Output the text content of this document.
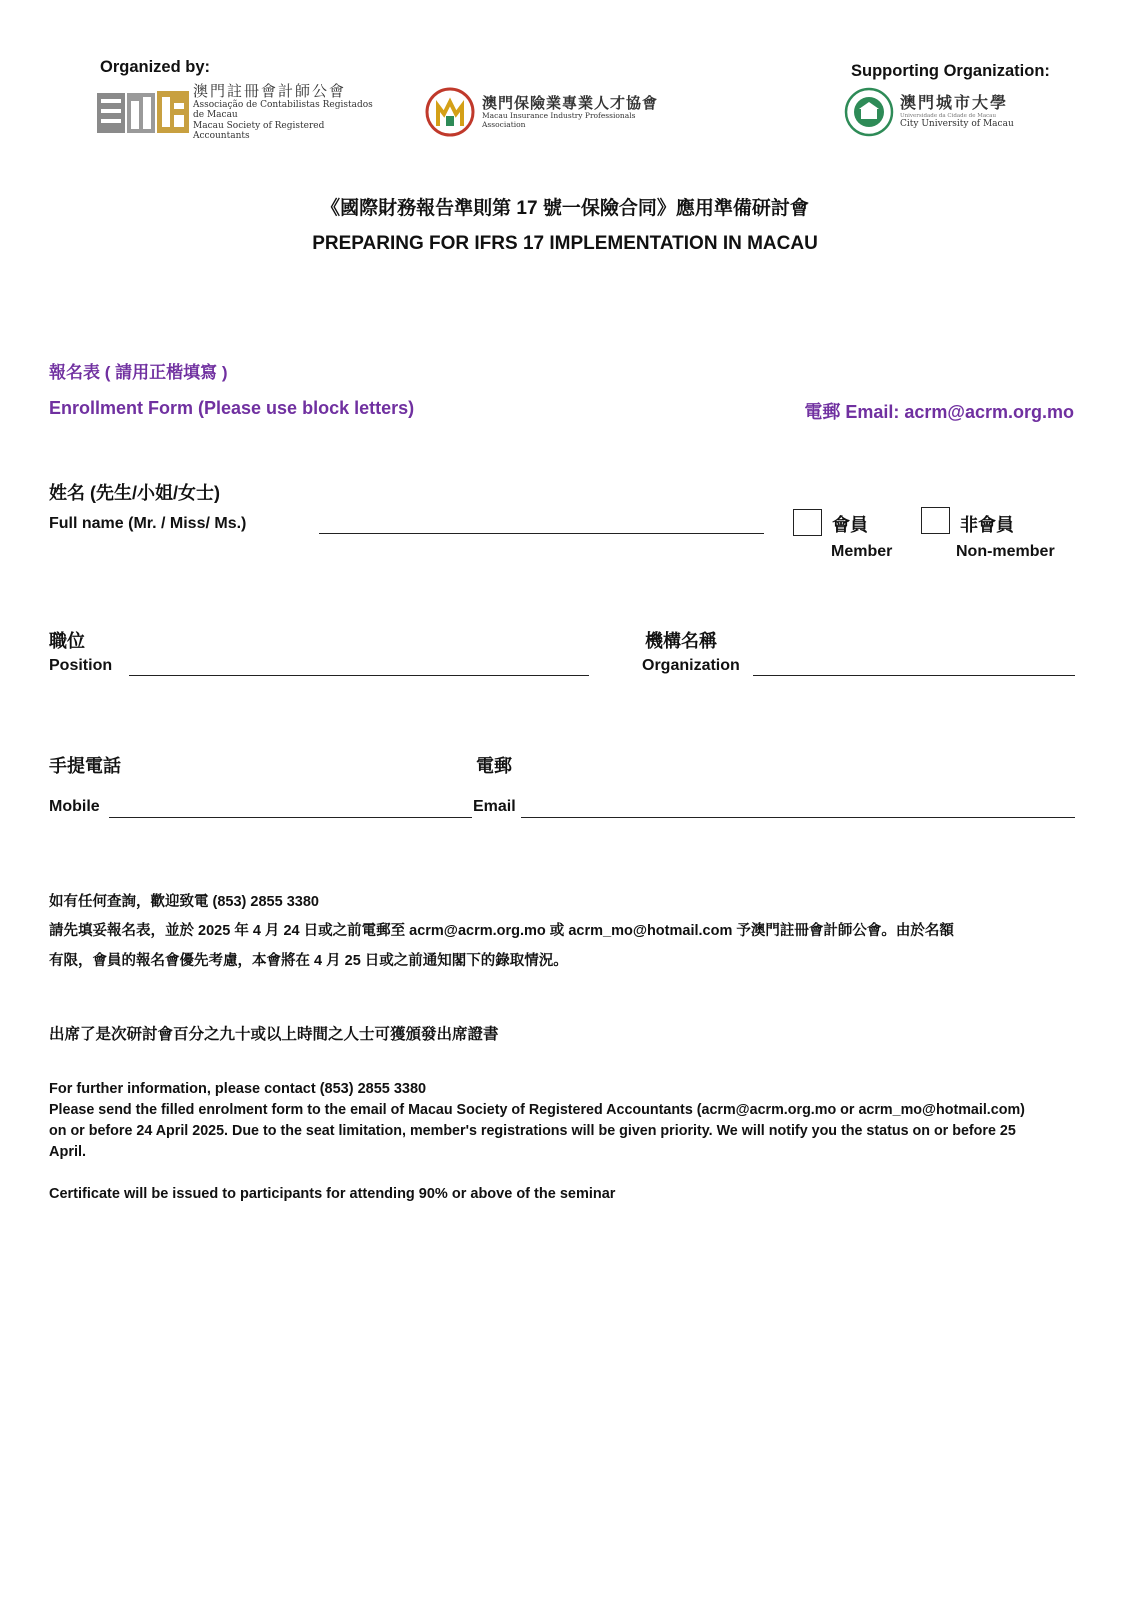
Organized by:	Supporting Organization:
澳門註冊會計師公會
Associação de Contabilistas Registados de Macau
Macau Society of Registered Accountants
澳門保險業專業人才協會
Macau Insurance Industry Professionals Association
澳門城市大學
Universidade da Cidade de Macau
City University of Macau
《國際財務報告準則第 17 號一保險合同》應用準備研討會
PREPARING FOR IFRS 17 IMPLEMENTATION IN MACAU
報名表 ( 請用正楷填寫 )
Enrollment Form (Please use block letters)	電郵 Email: acrm@acrm.org.mo
姓名 (先生/小姐/女士)
Full name (Mr. / Miss/ Ms.)	會員
Member
非會員
Non-member
職位
Position
機構名稱
Organization
手提電話
Mobile
電郵
Email
如有任何查詢，歡迎致電 (853) 2855 3380
請先填妥報名表，並於 2025 年 4 月 24 日或之前電郵至 acrm@acrm.org.mo 或 acrm_mo@hotmail.com 予澳門註冊會計師公會。由於名額
有限，會員的報名會優先考慮，本會將在 4 月 25 日或之前通知閣下的錄取情況。
出席了是次研討會百分之九十或以上時間之人士可獲頒發出席證書
For further information, please contact (853) 2855 3380
Please send the filled enrolment form to the email of Macau Society of Registered Accountants (acrm@acrm.org.mo or acrm_mo@hotmail.com)
on or before 24 April 2025. Due to the seat limitation, member's registrations will be given priority. We will notify you the status on or before 25
April.
Certificate will be issued to participants for attending 90% or above of the seminar
